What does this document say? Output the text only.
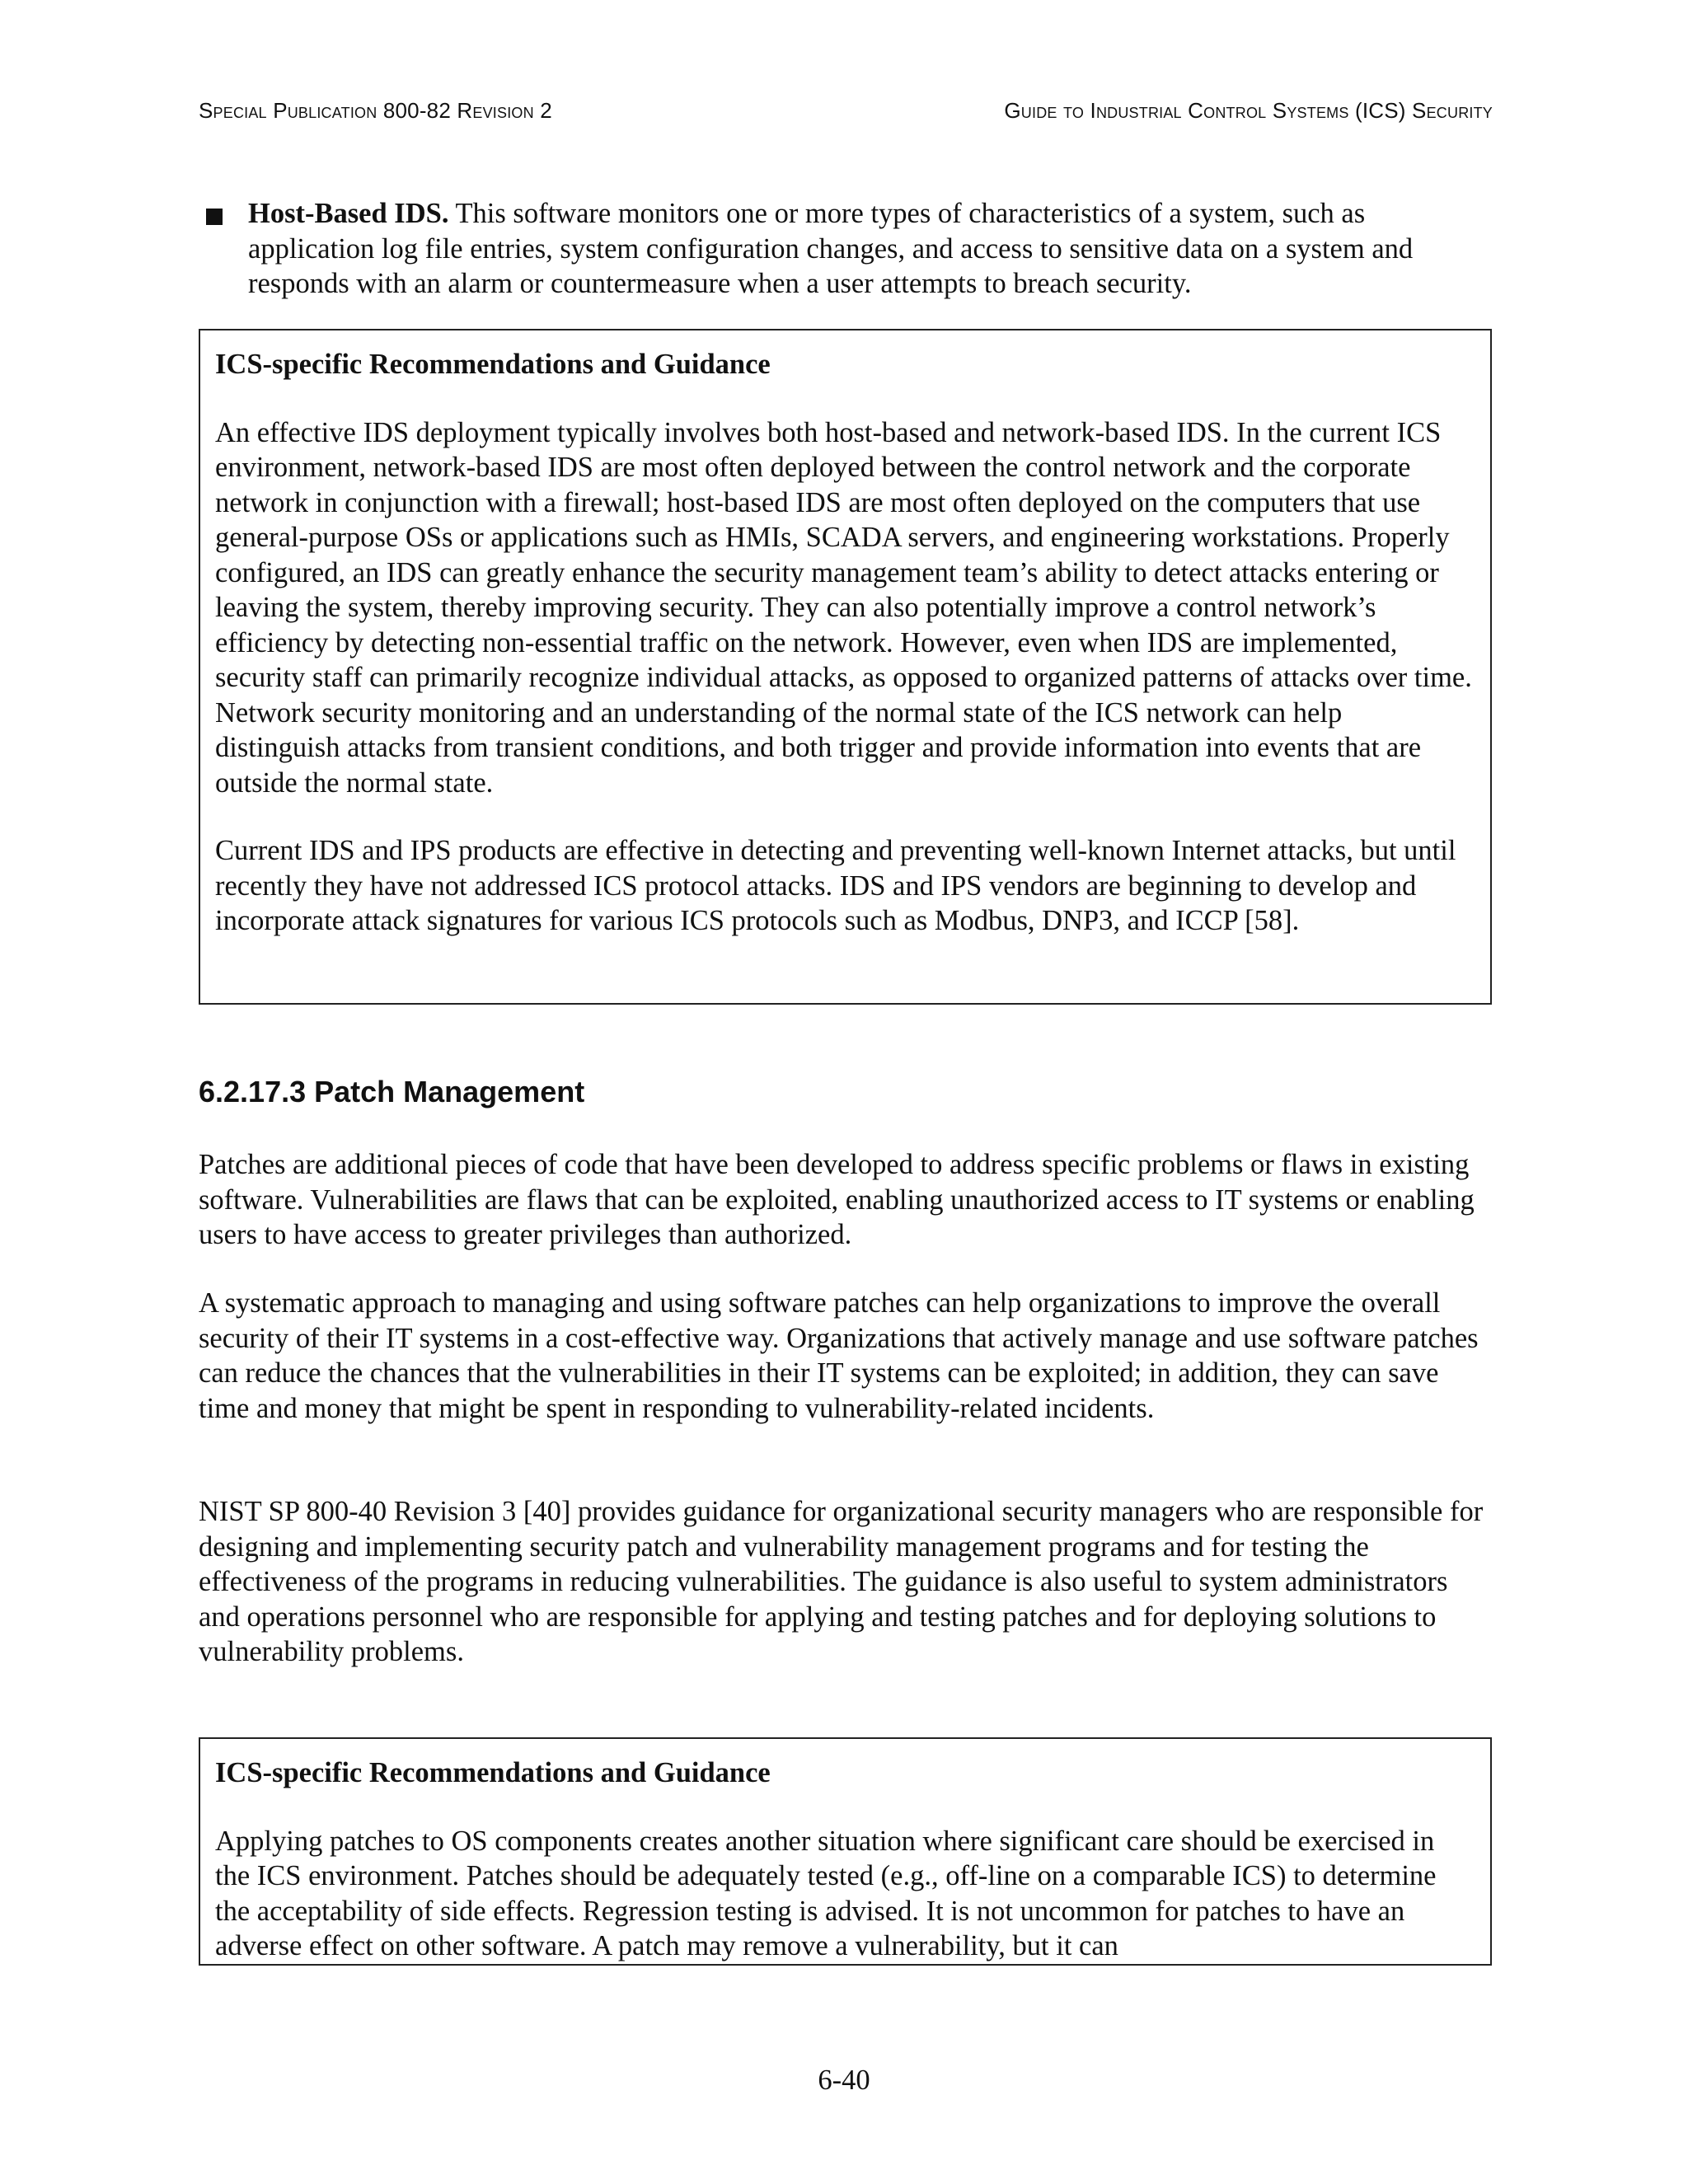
Special Publication 800-82 Revision 2	Guide to Industrial Control Systems (ICS) Security
Host-Based IDS. This software monitors one or more types of characteristics of a system, such as application log file entries, system configuration changes, and access to sensitive data on a system and responds with an alarm or countermeasure when a user attempts to breach security.
ICS-specific Recommendations and Guidance
An effective IDS deployment typically involves both host-based and network-based IDS. In the current ICS environment, network-based IDS are most often deployed between the control network and the corporate network in conjunction with a firewall; host-based IDS are most often deployed on the computers that use general-purpose OSs or applications such as HMIs, SCADA servers, and engineering workstations. Properly configured, an IDS can greatly enhance the security management team’s ability to detect attacks entering or leaving the system, thereby improving security. They can also potentially improve a control network’s efficiency by detecting non-essential traffic on the network. However, even when IDS are implemented, security staff can primarily recognize individual attacks, as opposed to organized patterns of attacks over time. Network security monitoring and an understanding of the normal state of the ICS network can help distinguish attacks from transient conditions, and both trigger and provide information into events that are outside the normal state.
Current IDS and IPS products are effective in detecting and preventing well-known Internet attacks, but until recently they have not addressed ICS protocol attacks. IDS and IPS vendors are beginning to develop and incorporate attack signatures for various ICS protocols such as Modbus, DNP3, and ICCP [58].
6.2.17.3 Patch Management
Patches are additional pieces of code that have been developed to address specific problems or flaws in existing software. Vulnerabilities are flaws that can be exploited, enabling unauthorized access to IT systems or enabling users to have access to greater privileges than authorized.
A systematic approach to managing and using software patches can help organizations to improve the overall security of their IT systems in a cost-effective way. Organizations that actively manage and use software patches can reduce the chances that the vulnerabilities in their IT systems can be exploited; in addition, they can save time and money that might be spent in responding to vulnerability-related incidents.
NIST SP 800-40 Revision 3 [40] provides guidance for organizational security managers who are responsible for designing and implementing security patch and vulnerability management programs and for testing the effectiveness of the programs in reducing vulnerabilities. The guidance is also useful to system administrators and operations personnel who are responsible for applying and testing patches and for deploying solutions to vulnerability problems.
ICS-specific Recommendations and Guidance
Applying patches to OS components creates another situation where significant care should be exercised in the ICS environment. Patches should be adequately tested (e.g., off-line on a comparable ICS) to determine the acceptability of side effects. Regression testing is advised. It is not uncommon for patches to have an adverse effect on other software. A patch may remove a vulnerability, but it can
6-40
